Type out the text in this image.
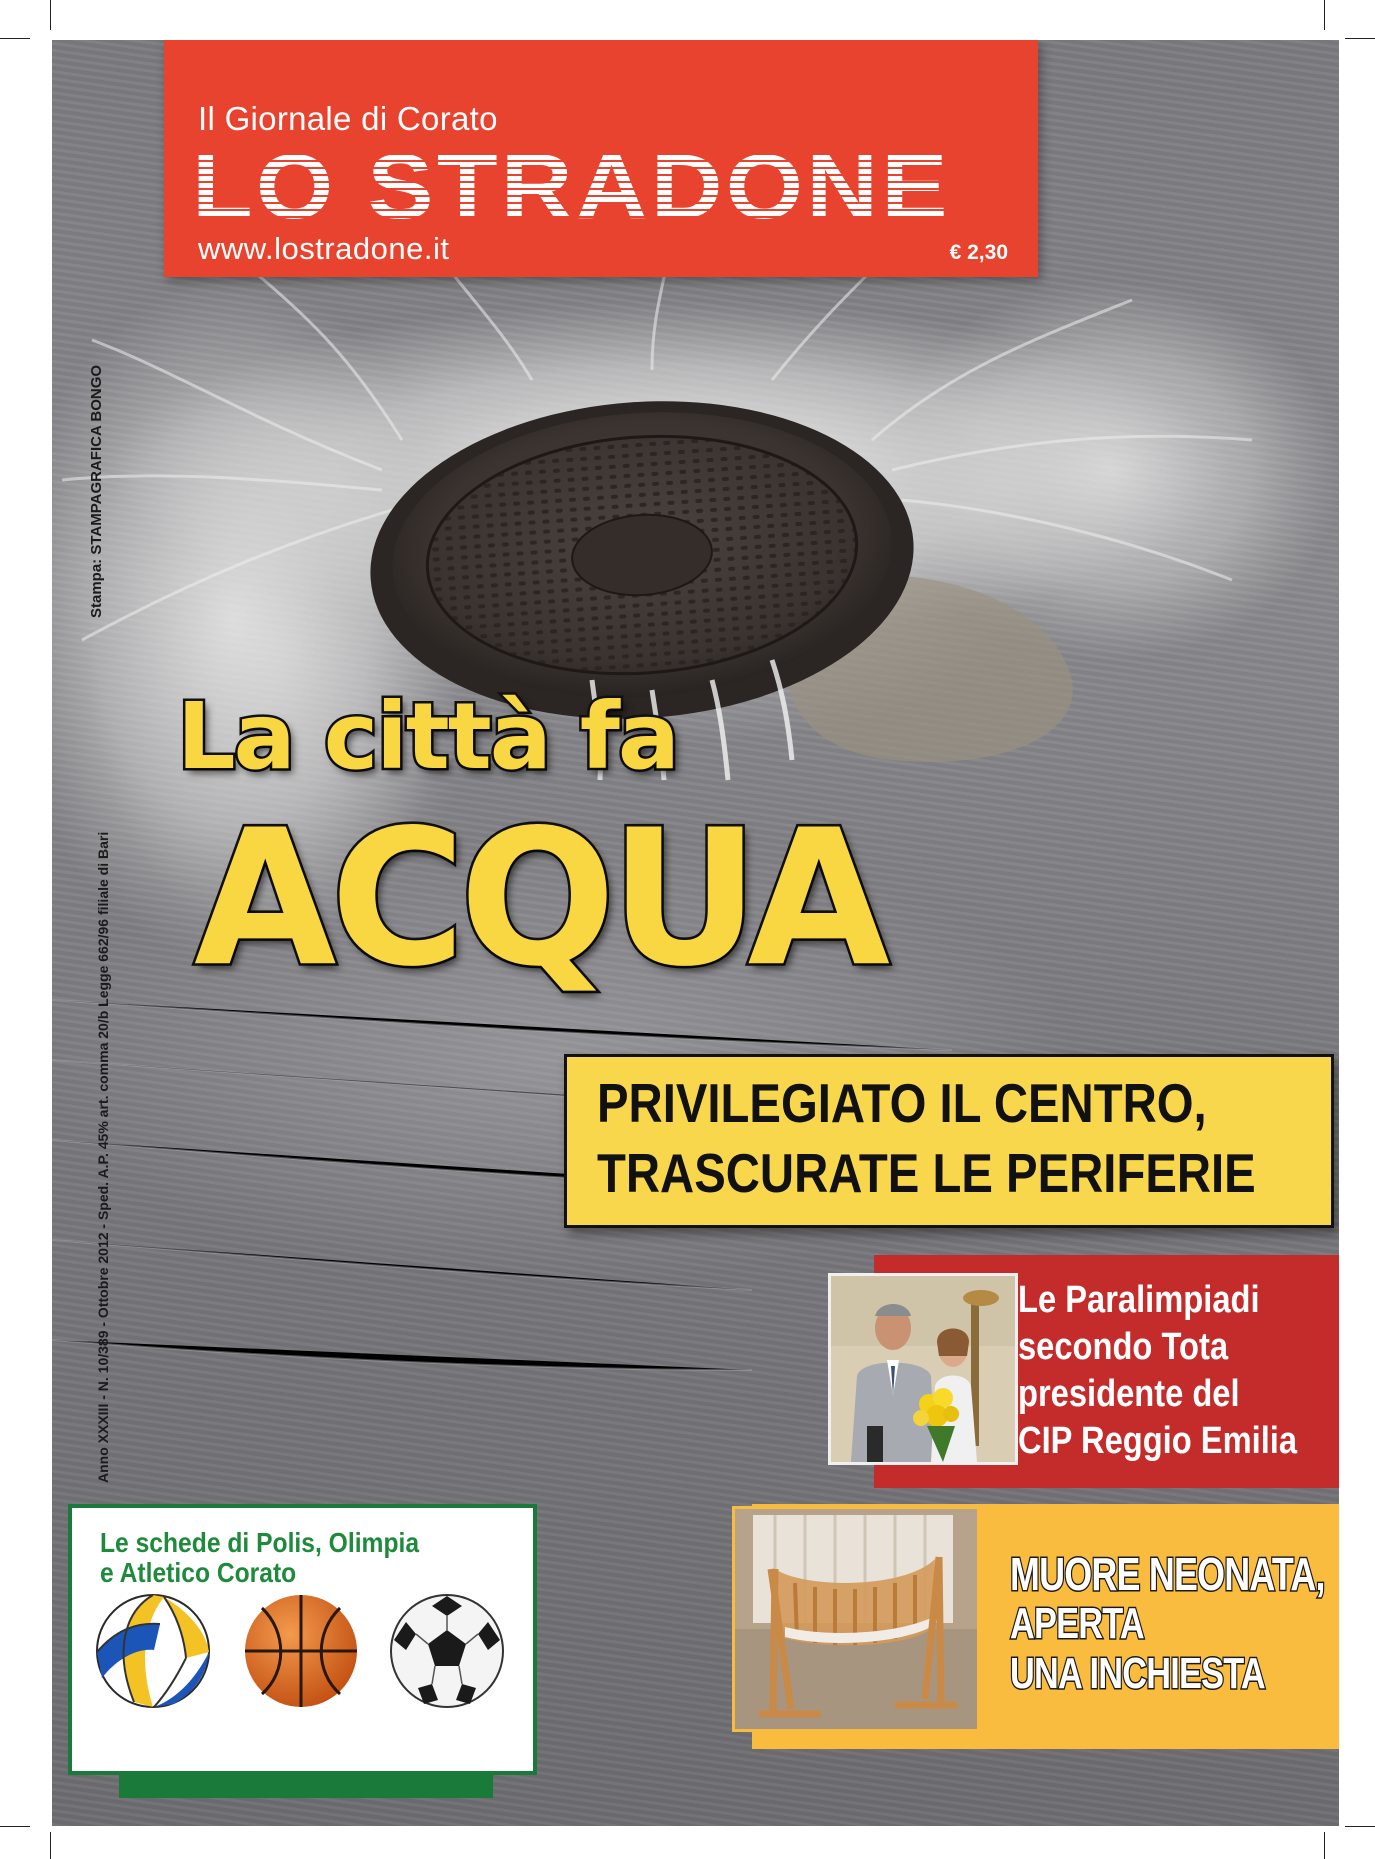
Il Giornale di Corato
LO STRADONE
www.lostradone.it	€ 2,30
Stampa: STAMPAGRAFICA BONGO
Anno XXXIII - N. 10/389 - Ottobre 2012 - Sped. A.P. 45% art. comma 20/b Legge 662/96 filiale di Bari
La città fa
ACQUA
PRIVILEGIATO IL CENTRO,
TRASCURATE LE PERIFERIE
Le Paralimpiadi
secondo Tota
presidente del
CIP Reggio Emilia
MUORE NEONATA,
APERTA
UNA INCHIESTA
Le schede di Polis, Olimpia
e Atletico Corato
